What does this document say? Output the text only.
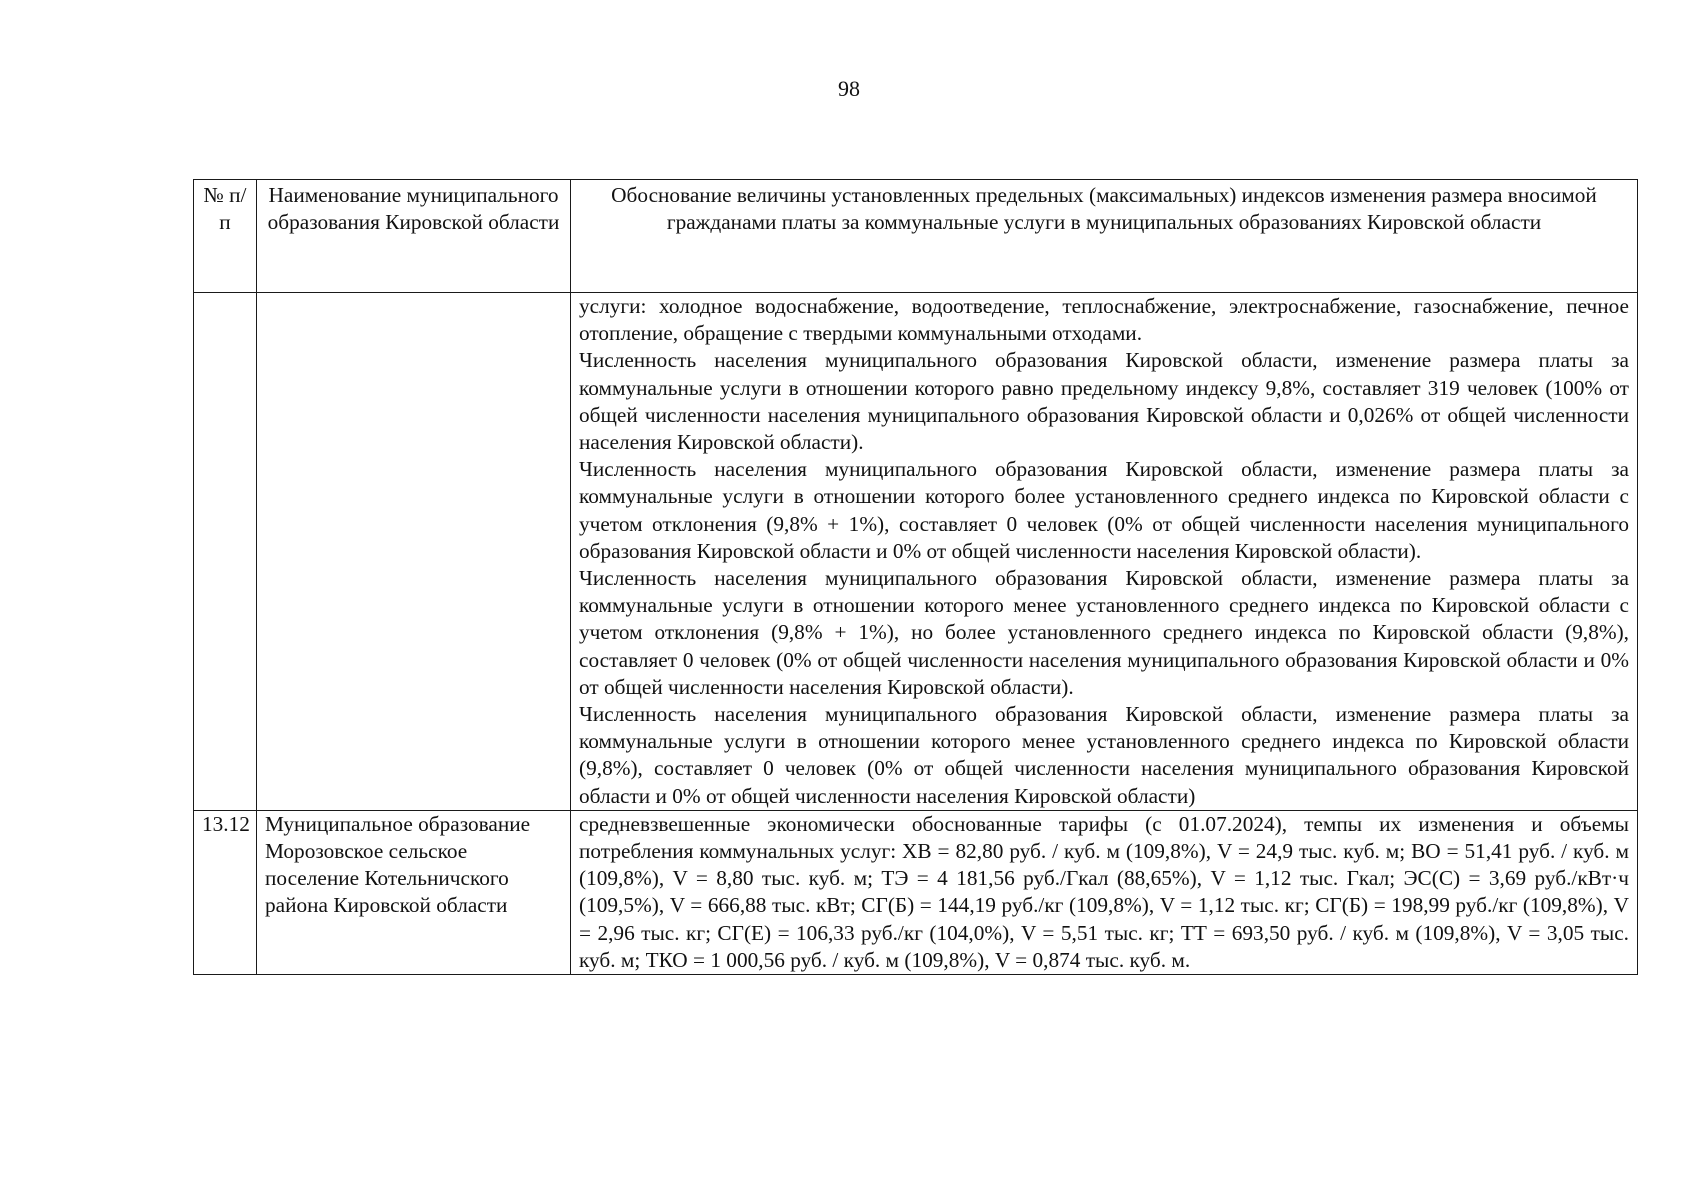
98
№ п/п	Наименование муниципального образования Кировской области	Обоснование величины установленных предельных (максимальных) индексов изменения размера вносимой гражданами платы за коммунальные услуги в муниципальных образованиях Кировской области

		услуги: холодное водоснабжение, водоотведение, теплоснабжение, электроснабжение, газоснабжение, печное отопление, обращение с твердыми коммунальными отходами.

Численность населения муниципального образования Кировской области, изменение размера платы за коммунальные услуги в отношении которого равно предельному индексу 9,8%, составляет 319 человек (100% от общей численности населения муниципального образования Кировской области и 0,026% от общей численности населения Кировской области).

Численность населения муниципального образования Кировской области, изменение размера платы за коммунальные услуги в отношении которого более установленного среднего индекса по Кировской области с учетом отклонения (9,8% + 1%), составляет 0 человек (0% от общей численности населения муниципального образования Кировской области и 0% от общей численности населения Кировской области).

Численность населения муниципального образования Кировской области, изменение размера платы за коммунальные услуги в отношении которого менее установленного среднего индекса по Кировской области с учетом отклонения (9,8% + 1%), но более установленного среднего индекса по Кировской области (9,8%), составляет 0 человек (0% от общей численности населения муниципального образования Кировской области и 0% от общей численности населения Кировской области).

Численность населения муниципального образования Кировской области, изменение размера платы за коммунальные услуги в отношении которого менее установленного среднего индекса по Кировской области (9,8%), составляет 0 человек (0% от общей численности населения муниципального образования Кировской области и 0% от общей численности населения Кировской области)

13.12	Муниципальное образование Морозовское сельское поселение Котельничского района Кировской области	средневзвешенные экономически обоснованные тарифы (с 01.07.2024), темпы их изменения и объемы потребления коммунальных услуг: ХВ = 82,80 руб. / куб. м (109,8%), V = 24,9 тыс. куб. м; ВО = 51,41 руб. / куб. м (109,8%), V = 8,80 тыс. куб. м; ТЭ = 4 181,56 руб./Гкал (88,65%), V = 1,12 тыс. Гкал; ЭС(С) = 3,69 руб./кВт·ч (109,5%), V = 666,88 тыс. кВт; СГ(Б) = 144,19 руб./кг (109,8%), V = 1,12 тыс. кг; СГ(Б) = 198,99 руб./кг (109,8%), V = 2,96 тыс. кг; СГ(Е) = 106,33 руб./кг (104,0%), V = 5,51 тыс. кг; ТТ = 693,50 руб. / куб. м (109,8%), V = 3,05 тыс. куб. м; ТКО = 1 000,56 руб. / куб. м (109,8%), V = 0,874 тыс. куб. м.
